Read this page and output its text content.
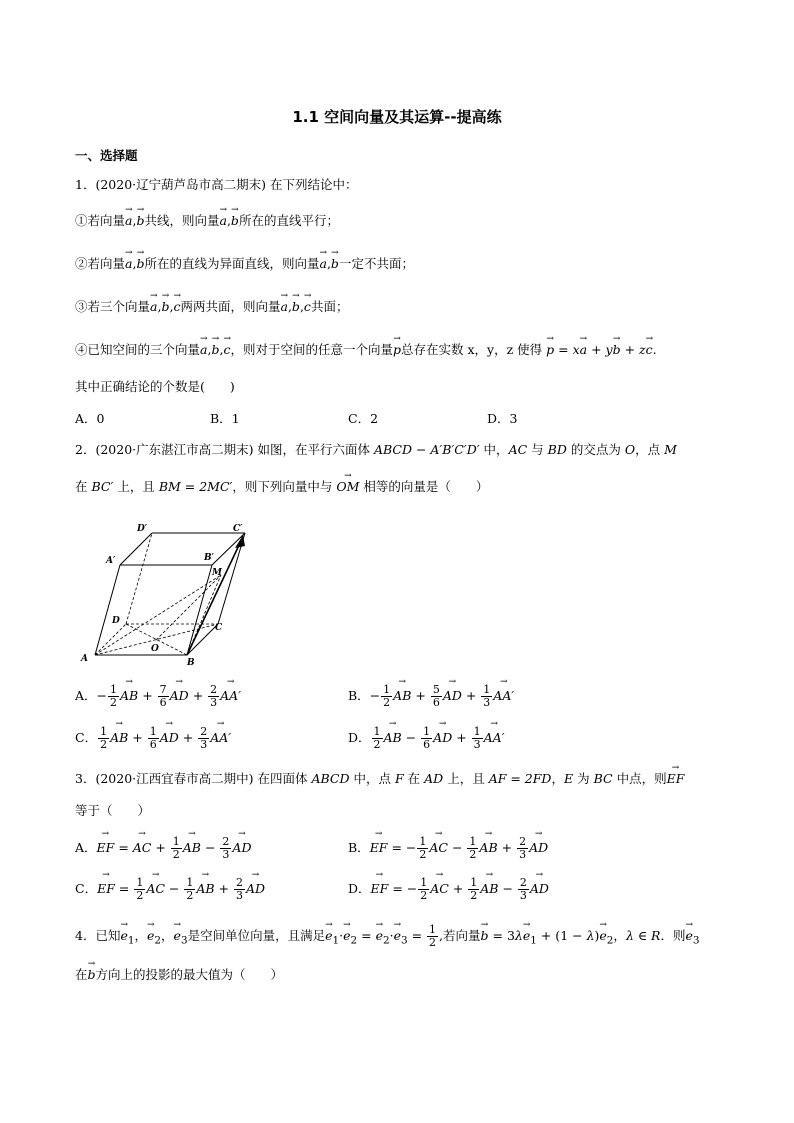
1.1 空间向量及其运算--提高练
一、选择题
1．(2020·辽宁葫芦岛市高二期末) 在下列结论中：
①若向量→ a,→ b共线，则向量→ a,→ b所在的直线平行；
②若向量→ a,→ b所在的直线为异面直线，则向量→ a,→ b一定不共面；
③若三个向量→ a,→ b,→ c两两共面，则向量→ a,→ b,→ c共面；
④已知空间的三个向量→ a,→ b,→ c，则对于空间的任意一个向量→ p总存在实数 x，y，z 使得 → p = x→ a + y→ b + z→ c.
其中正确结论的个数是(　　)
A．0	B．1	C．2	D．3
2．(2020·广东湛江市高二期末) 如图，在平行六面体 ABCD − A′B′C′D′ 中，AC 与 BD 的交点为 O，点 M
在 BC′ 上，且 BM = 2MC′，则下列向量中与 → OM 相等的向量是（　　）
A	B
C
D
A′	B′
C′
D′
O
M
A．− $\frac{1}{2}$
→ AB + $\frac{7}{6}$
→ AD + $\frac{2}{3}$
→ AA′	B．− $\frac{1}{2}$
→ AB + $\frac{5}{6}$
→ AD + $\frac{1}{3}$
→ AA′
C． $\frac{1}{2}$
→ AB + $\frac{1}{6}$
→ AD + $\frac{2}{3}$
→ AA′	D． $\frac{1}{2}$
→ AB − $\frac{1}{6}$
→ AD + $\frac{1}{3}$
→ AA′
3．(2020·江西宜春市高二期中) 在四面体 ABCD 中，点 F 在 AD 上，且 AF = 2FD，E 为 BC 中点，则→ EF
等于（　　）
A．→ EF = → AC + $\frac{1}{2}$
→ AB − $\frac{2}{3}$
→ AD	B．→ EF = − $\frac{1}{2}$
→ AC − $\frac{1}{2}$
→ AB + $\frac{2}{3}$
→ AD
C．→ EF = $\frac{1}{2}$
→ AC − $\frac{1}{2}$
→ AB + $\frac{2}{3}$
→ AD	D．→ EF = − $\frac{1}{2}$
→ AC + $\frac{1}{2}$
→ AB − $\frac{2}{3}$
→ AD
4．已知→ $e_1$，→ $e_2$，→ $e_3$是空间单位向量，且满足→ $e_1\cdot\to e_2$ = → $e_2\cdot\to e_3 = \frac{1}{2}$ ,若向量→ $b = 3\lambda\to e_1 + (1 - \lambda)\to e_2$，λ ∈ R．则→ $e_3$
在→ b方向上的投影的最大值为（　　）
